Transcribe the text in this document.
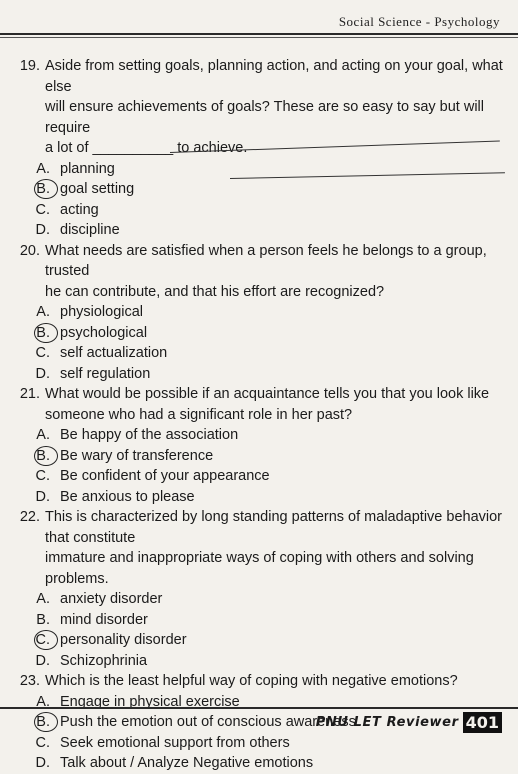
Social Science - Psychology
19. Aside from setting goals, planning action, and acting on your goal, what else
will ensure achievements of goals? These are so easy to say but will require
a lot of __________ to achieve.
A. planning
B. goal setting
C. acting
D. discipline
20. What needs are satisfied when a person feels he belongs to a group, trusted
he can contribute, and that his effort are recognized?
A. physiological
B. psychological
C. self actualization
D. self regulation
21. What would be possible if an acquaintance tells you that you look like
someone who had a significant role in her past?
A. Be happy of the association
B. Be wary of transference
C. Be confident of your appearance
D. Be anxious to please
22. This is characterized by long standing patterns of maladaptive behavior that constitute
immature and inappropriate ways of coping with others and solving problems.
A. anxiety disorder
B. mind disorder
C. personality disorder
D. Schizophrinia
23. Which is the least helpful way of coping with negative emotions?
A. Engage in physical exercise
B. Push the emotion out of conscious awareness
C. Seek emotional support from others
D. Talk about / Analyze Negative emotions
PNU LET Reviewer 401
